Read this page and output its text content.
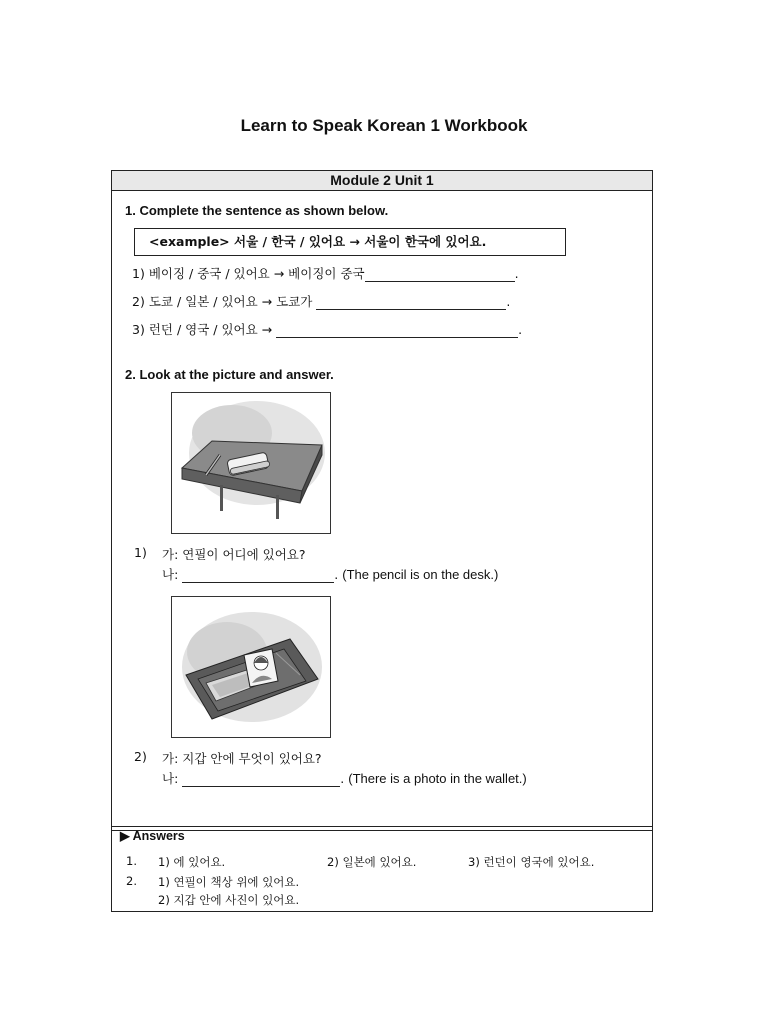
Learn to Speak Korean 1 Workbook
Module 2 Unit 1
1. Complete the sentence as shown below.
<example> 서울 / 한국 / 있어요 → 서울이 한국에 있어요.
1) 베이징 / 중국 / 있어요 → 베이징이 중국	.
2) 도쿄 / 일본 / 있어요 → 도쿄가	.
3) 런던 / 영국 / 있어요 →	.
2. Look at the picture and answer.
1) 가: 연필이 어디에 있어요?
나:	. (The pencil is on the desk.)
2) 가: 지갑 안에 무엇이 있어요?
나:	. (There is a photo in the wallet.)
▶ Answers
1. 1) 에 있어요.	2) 일본에 있어요.	3) 런던이 영국에 있어요.
2. 1) 연필이 책상 위에 있어요.
2) 지갑 안에 사진이 있어요.
